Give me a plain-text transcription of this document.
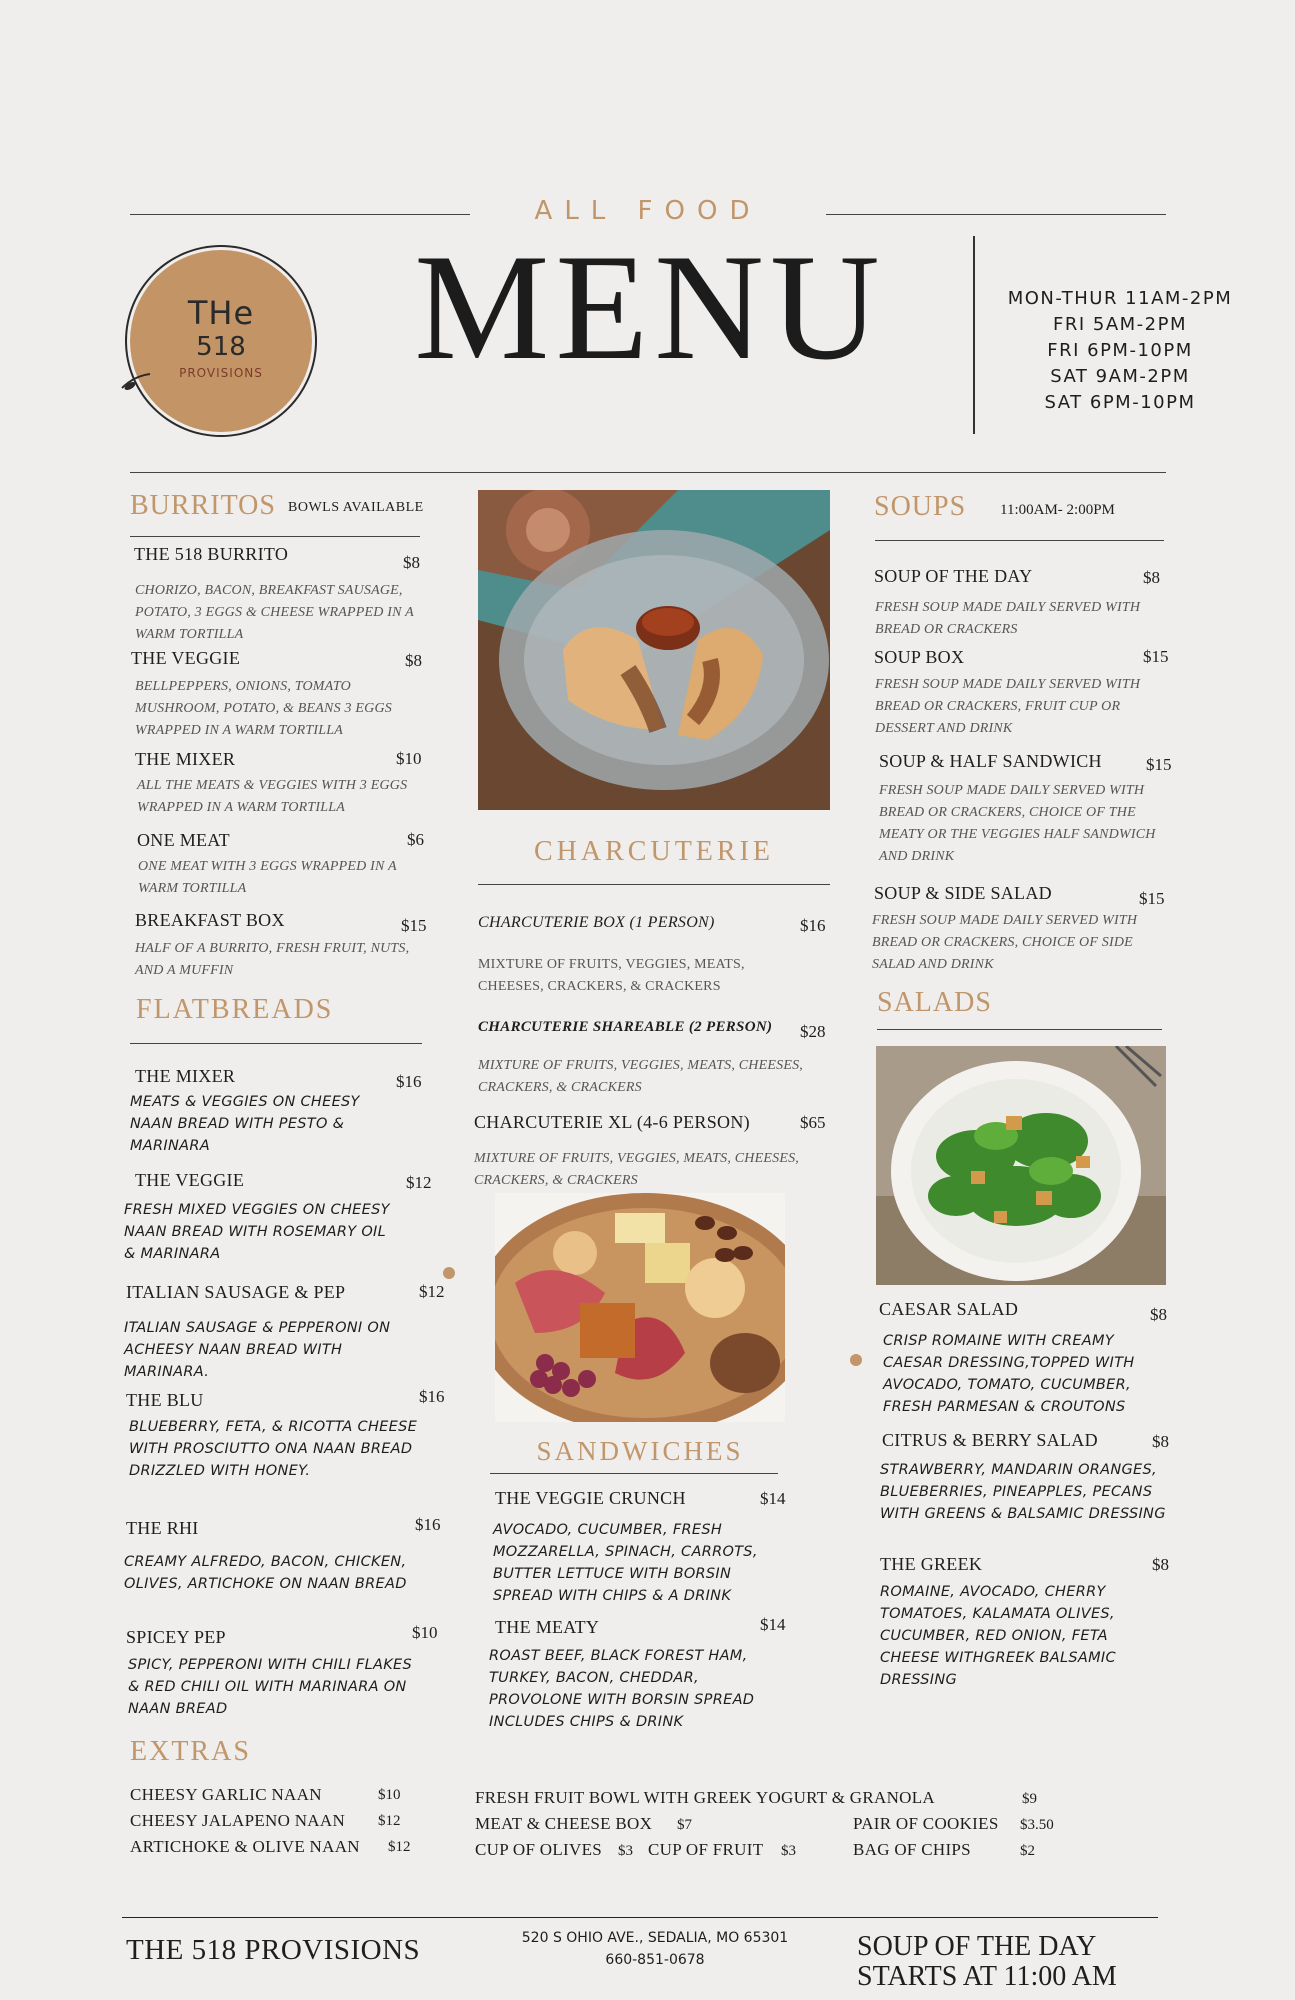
ALL FOOD
THe
518
PROVISIONS MENU	MON-THUR 11AM-2PM
FRI 5AM-2PM
FRI 6PM-10PM
SAT 9AM-2PM
SAT 6PM-10PM
BURRITOS BOWLS AVAILABLE
THE 518 BURRITO	$8
CHORIZO, BACON, BREAKFAST SAUSAGE, POTATO, 3 EGGS & CHEESE WRAPPED IN A WARM TORTILLA
THE VEGGIE	$8
BELLPEPPERS, ONIONS, TOMATO MUSHROOM, POTATO, & BEANS 3 EGGS WRAPPED IN A WARM TORTILLA
THE MIXER	$10
ALL THE MEATS & VEGGIES WITH 3 EGGS WRAPPED IN A WARM TORTILLA
ONE MEAT	$6
ONE MEAT WITH 3 EGGS WRAPPED IN A WARM TORTILLA
BREAKFAST BOX	$15
HALF OF A BURRITO, FRESH FRUIT, NUTS, AND A MUFFIN
FLATBREADS
THE MIXER	$16
MEATS & VEGGIES ON CHEESY NAAN BREAD WITH PESTO & MARINARA
THE VEGGIE	$12
FRESH MIXED VEGGIES ON CHEESY NAAN BREAD WITH ROSEMARY OIL & MARINARA
ITALIAN SAUSAGE & PEP	$12
ITALIAN SAUSAGE & PEPPERONI ON ACHEESY NAAN BREAD WITH MARINARA.
THE BLU	$16
BLUEBERRY, FETA, & RICOTTA CHEESE WITH PROSCIUTTO ONA NAAN BREAD DRIZZLED WITH HONEY.
THE RHI	$16
CREAMY ALFREDO, BACON, CHICKEN, OLIVES, ARTICHOKE ON NAAN BREAD
SPICEY PEP	$10
SPICY, PEPPERONI WITH CHILI FLAKES & RED CHILI OIL WITH MARINARA ON NAAN BREAD
CHARCUTERIE
CHARCUTERIE BOX (1 PERSON)	$16
MIXTURE OF FRUITS, VEGGIES, MEATS, CHEESES, CRACKERS, & CRACKERS
CHARCUTERIE SHAREABLE (2 PERSON) $28
MIXTURE OF FRUITS, VEGGIES, MEATS, CHEESES, CRACKERS, & CRACKERS
CHARCUTERIE XL (4-6 PERSON)	$65
MIXTURE OF FRUITS, VEGGIES, MEATS, CHEESES, CRACKERS, & CRACKERS
SANDWICHES
THE VEGGIE CRUNCH	$14
AVOCADO, CUCUMBER, FRESH MOZZARELLA, SPINACH, CARROTS, BUTTER LETTUCE WITH BORSIN SPREAD WITH CHIPS & A DRINK
THE MEATY	$14
ROAST BEEF, BLACK FOREST HAM, TURKEY, BACON, CHEDDAR, PROVOLONE WITH BORSIN SPREAD INCLUDES CHIPS & DRINK
SOUPS 11:00AM- 2:00PM
SOUP OF THE DAY	$8
FRESH SOUP MADE DAILY SERVED WITH BREAD OR CRACKERS
SOUP BOX	$15
FRESH SOUP MADE DAILY SERVED WITH BREAD OR CRACKERS, FRUIT CUP OR DESSERT AND DRINK
SOUP & HALF SANDWICH	$15
FRESH SOUP MADE DAILY SERVED WITH BREAD OR CRACKERS, CHOICE OF THE MEATY OR THE VEGGIES HALF SANDWICH AND DRINK
SOUP & SIDE SALAD	$15
FRESH SOUP MADE DAILY SERVED WITH BREAD OR CRACKERS, CHOICE OF SIDE SALAD AND DRINK
SALADS
CAESAR SALAD	$8
CRISP ROMAINE WITH CREAMY CAESAR DRESSING,TOPPED WITH AVOCADO, TOMATO, CUCUMBER, FRESH PARMESAN & CROUTONS
CITRUS & BERRY SALAD	$8
STRAWBERRY, MANDARIN ORANGES, BLUEBERRIES, PINEAPPLES, PECANS WITH GREENS & BALSAMIC DRESSING
THE GREEK	$8
ROMAINE, AVOCADO, CHERRY TOMATOES, KALAMATA OLIVES, CUCUMBER, RED ONION, FETA CHEESE WITHGREEK BALSAMIC DRESSING
EXTRAS
CHEESY GARLIC NAAN	$10
CHEESY JALAPENO NAAN $12
ARTICHOKE & OLIVE NAAN $12
FRESH FRUIT BOWL WITH GREEK YOGURT & GRANOLA	$9
MEAT & CHEESE BOX $7
CUP OF OLIVES $3 CUP OF FRUIT $3
PAIR OF COOKIES $3.50
BAG OF CHIPS	$2
THE 518 PROVISIONS	520 S OHIO AVE., SEDALIA, MO 65301
660-851-0678	SOUP OF THE DAY
STARTS AT 11:00 AM
